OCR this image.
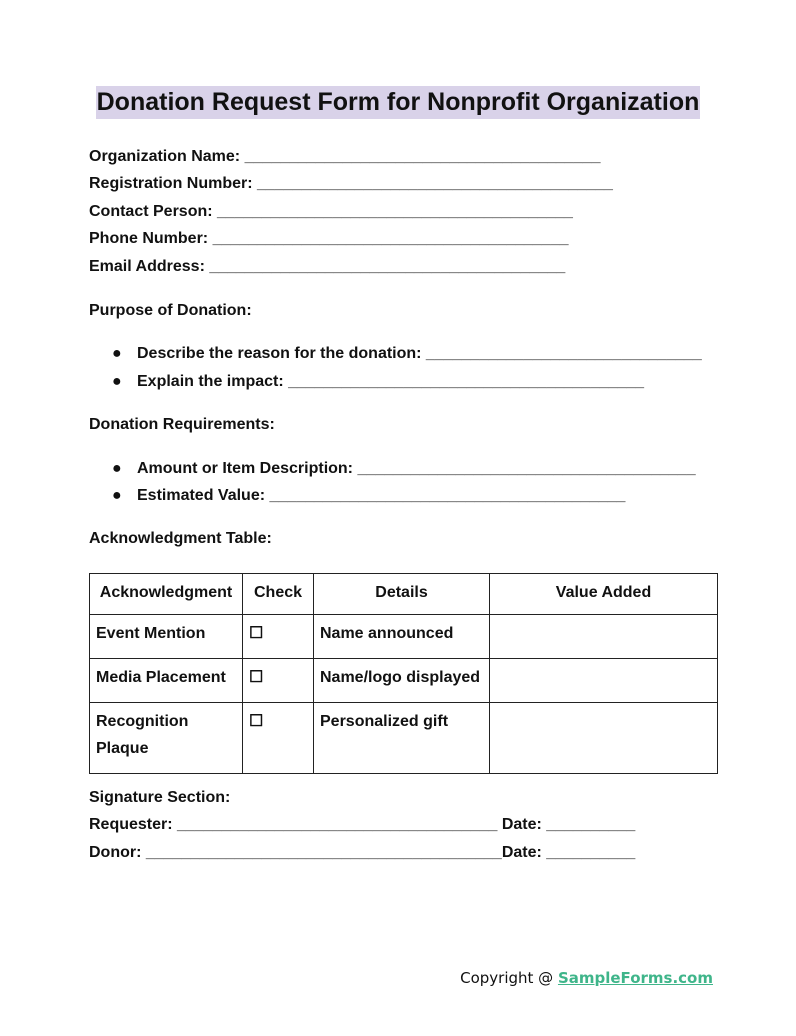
Donation Request Form for Nonprofit Organization
Organization Name: ________________________________________
Registration Number: ________________________________________
Contact Person: ________________________________________
Phone Number: ________________________________________
Email Address: ________________________________________
Purpose of Donation:
● Describe the reason for the donation: _______________________________
● Explain the impact: ________________________________________
Donation Requirements:
● Amount or Item Description: ______________________________________
● Estimated Value: ________________________________________
Acknowledgment Table:
Acknowledgment	Check	Details	Value Added
Event Mention	☐	Name announced	
Media Placement	☐	Name/logo displayed	
Recognition Plaque	☐	Personalized gift	
Signature Section:
Requester: ____________________________________ Date: __________
Donor: ________________________________________Date: __________
Copyright @ SampleForms.com
